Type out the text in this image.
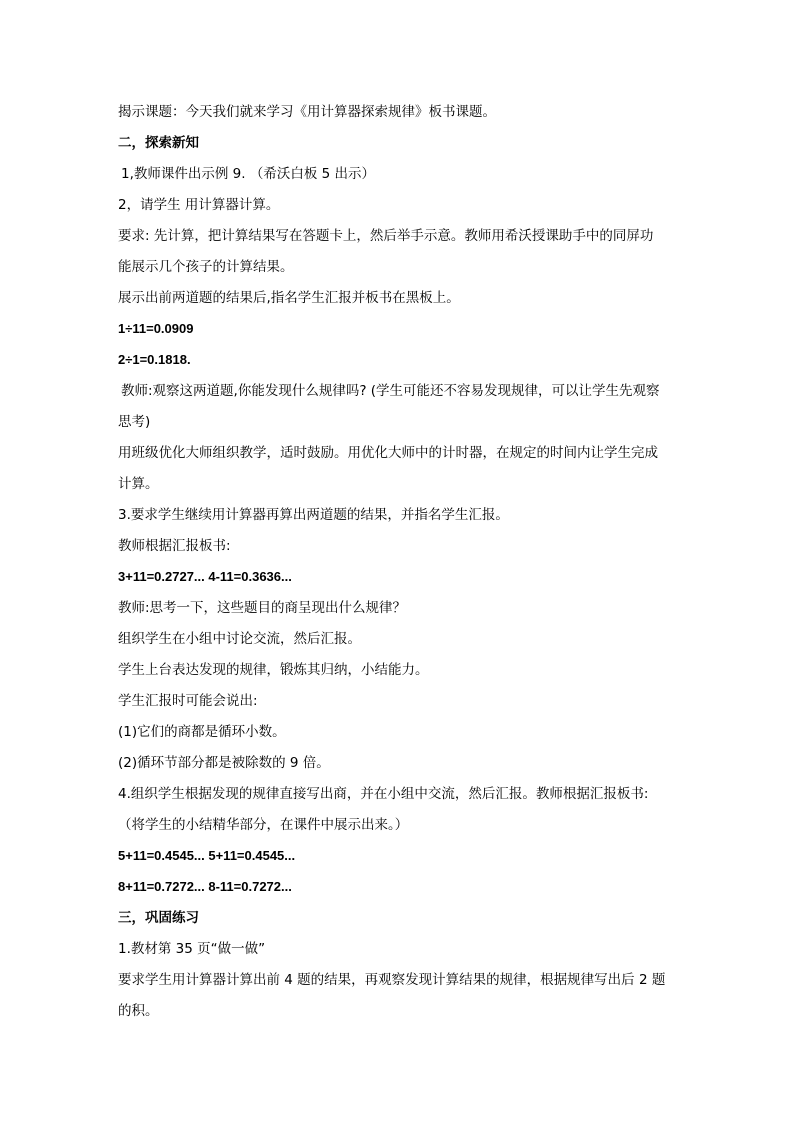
揭示课题：今天我们就来学习《用计算器探索规律》板书课题。
二，探索新知
1,教师课件出示例 9. （希沃白板 5 出示）
2，请学生 用计算器计算。
要求: 先计算，把计算结果写在答题卡上，然后举手示意。教师用希沃授课助手中的同屏功
能展示几个孩子的计算结果。
展示出前两道题的结果后,指名学生汇报并板书在黑板上。
1÷11=0.0909
2÷1=0.1818.
教师:观察这两道题,你能发现什么规律吗? (学生可能还不容易发现规律，可以让学生先观察
思考)
用班级优化大师组织教学，适时鼓励。用优化大师中的计时器，在规定的时间内让学生完成
计算。
3.要求学生继续用计算器再算出两道题的结果，并指名学生汇报。
教师根据汇报板书:
3+11=0.2727... 4-11=0.3636...
教师:思考一下，这些题目的商呈现出什么规律？
组织学生在小组中讨论交流，然后汇报。
学生上台表达发现的规律，锻炼其归纳，小结能力。
学生汇报时可能会说出:
(1)它们的商都是循环小数。
(2)循环节部分都是被除数的 9 倍。
4.组织学生根据发现的规律直接写出商，并在小组中交流，然后汇报。教师根据汇报板书:
（将学生的小结精华部分，在课件中展示出来。）
5+11=0.4545... 5+11=0.4545...
8+11=0.7272... 8-11=0.7272...
三，巩固练习
1.教材第 35 页“做一做”
要求学生用计算器计算出前 4 题的结果，再观察发现计算结果的规律，根据规律写出后 2 题
的积。
